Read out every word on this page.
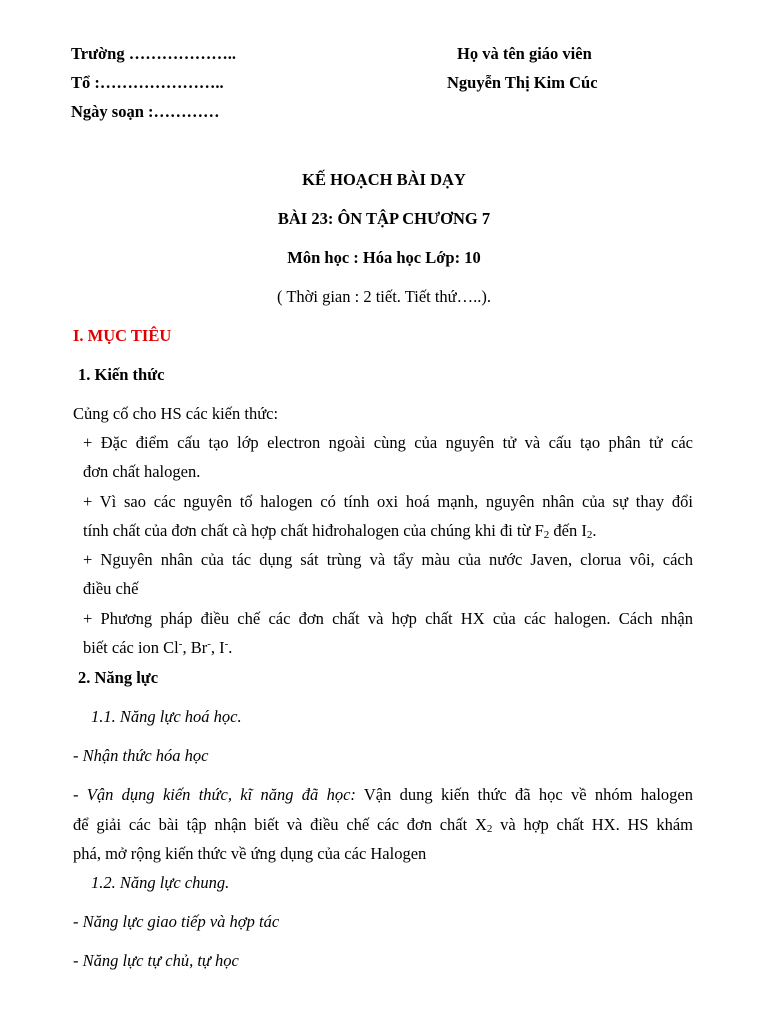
Trường ………………..
Tổ :…………………..
Ngày soạn :…………
Họ và tên giáo viên
Nguyễn Thị Kim Cúc
KẾ HOẠCH BÀI DẠY
BÀI 23: ÔN TẬP CHƯƠNG 7
Môn học : Hóa học Lớp: 10
( Thời gian : 2 tiết. Tiết thứ…..).
I. MỤC TIÊU
1. Kiến thức
Củng cố cho HS các kiến thức:
+ Đặc điểm cấu tạo lớp electron ngoài cùng của nguyên tử và cấu tạo phân tử các
đơn chất halogen.
+ Vì sao các nguyên tố halogen có tính oxi hoá mạnh, nguyên nhân của sự thay đổi
tính chất của đơn chất cà hợp chất hiđrohalogen của chúng khi đi từ $F_2$ đến $I_2$.
+ Nguyên nhân của tác dụng sát trùng và tẩy màu của nước Javen, clorua vôi, cách
điều chế
+ Phương pháp điều chế các đơn chất và hợp chất HX của các halogen. Cách nhận
biết các ion Cl-, Br-, I-.
2. Năng lực
1.1. Năng lực hoá học.
- Nhận thức hóa học
- Vận dụng kiến thức, kĩ năng đã học: Vận dung kiến thức đã học về nhóm halogen
để giải các bài tập nhận biết và điều chế các đơn chất $X_2$ và hợp chất HX. HS khám
phá, mở rộng kiến thức về ứng dụng của các Halogen
1.2. Năng lực chung.
- Năng lực giao tiếp và hợp tác
- Năng lực tự chủ, tự học
